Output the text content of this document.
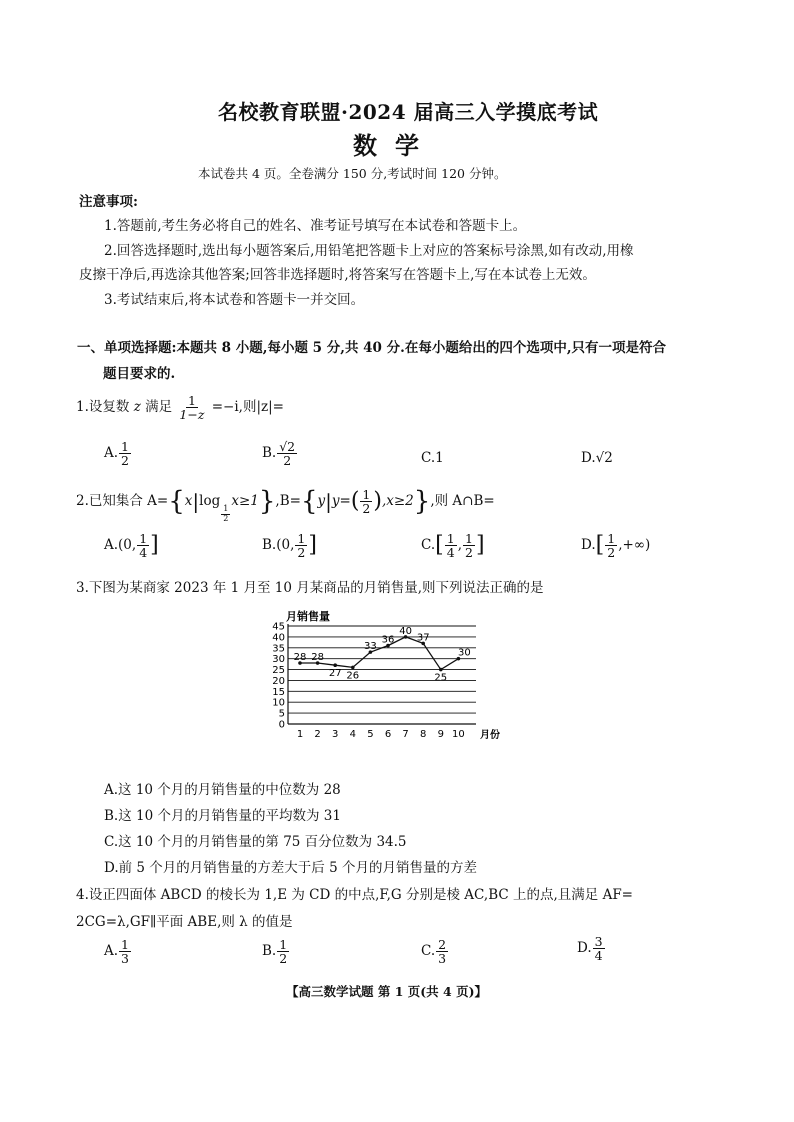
名校教育联盟·2024 届高三入学摸底考试
数学
本试卷共 4 页。全卷满分 150 分,考试时间 120 分钟。
注意事项:
1.答题前,考生务必将自己的姓名、准考证号填写在本试卷和答题卡上。
2.回答选择题时,选出每小题答案后,用铅笔把答题卡上对应的答案标号涂黑,如有改动,用橡
皮擦干净后,再选涂其他答案;回答非选择题时,将答案写在答题卡上,写在本试卷上无效。
3.考试结束后,将本试卷和答题卡一并交回。
一、单项选择题:本题共 8 小题,每小题 5 分,共 40 分.在每小题给出的四个选项中,只有一项是符合
题目要求的.
1.设复数 z 满足 $\frac{1}{1-z} =-i$,则|z|=
A. $\frac{1}{2}$	B. $\frac{√2}{2}$	C.1	D.√2
2.已知集合 A={x|log
$\frac{1}{2}$
$x\ge 1\},B=\{y|y=( \frac{1}{2} ),x\ge 2\}$,则 A∩B=
A.(0, $\frac{1}{4}$ ]	B.(0, $\frac{1}{2}$ ]	$C.[ \frac{1}{4}$ , $\frac{1}{2}$ ]	$D.[ \frac{1}{2}$ ,+∞)
3.下图为某商家 2023 年 1 月至 10 月某商品的月销售量,则下列说法正确的是
0
5
10
15
20
25
30
35
40
45
1 2 3 4 5 6 7 8 9 10
28 28
27 26
33
36
40
37
25
30
月销售量
月份
A.这 10 个月的月销售量的中位数为 28
B.这 10 个月的月销售量的平均数为 31
C.这 10 个月的月销售量的第 75 百分位数为 34.5
D.前 5 个月的月销售量的方差大于后 5 个月的月销售量的方差
4.设正四面体 ABCD 的棱长为 1,E 为 CD 的中点,F,G 分别是棱 AC,BC 上的点,且满足 AF=
2CG=λ,GF∥平面 ABE,则 λ 的值是
A. $\frac{1}{3}$	B. $\frac{1}{2}$	C. $\frac{2}{3}$	D. $\frac{3}{4}$
【高三数学试题 第 1 页(共 4 页)】
